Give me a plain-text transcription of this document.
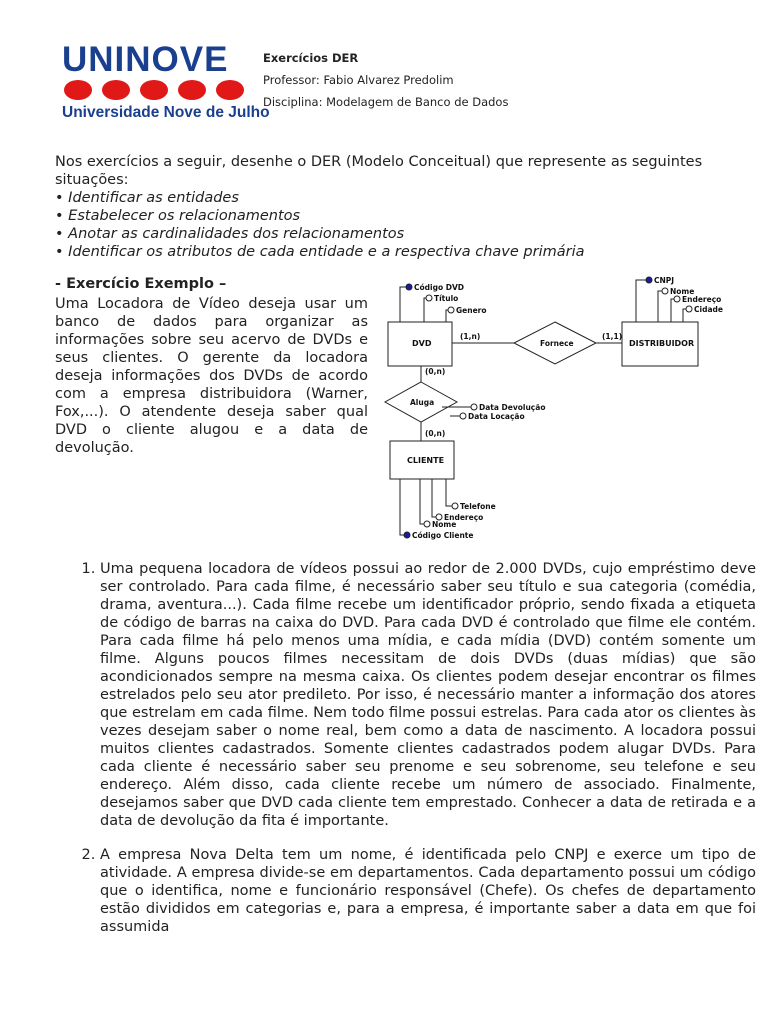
UNINOVE
Universidade Nove de Julho
Exercícios DER
Professor: Fabio Alvarez Predolim
Disciplina: Modelagem de Banco de Dados
Nos exercícios a seguir, desenhe o DER (Modelo Conceitual) que represente as seguintes situações:
• Identificar as entidades
• Estabelecer os relacionamentos
• Anotar as cardinalidades dos relacionamentos
• Identificar os atributos de cada entidade e a respectiva chave primária
- Exercício Exemplo –
Uma Locadora de Vídeo deseja usar um banco de dados para organizar as informações sobre seu acervo de DVDs e seus clientes. O gerente da locadora deseja informações dos DVDs de acordo com a empresa distribuidora (Warner, Fox,...). O atendente deseja saber qual DVD o cliente alugou e a data de devolução.
DVD	DISTRIBUIDOR
CLIENTE
Fornece
Aluga
(1,n)	(1,1)
(0,n)
(0,n)
Código DVD
Título
Genero
CNPJ
Nome
Endereço
Cidade
Data Devolução
Data Locação
Telefone
Endereço
Nome
Código Cliente
1. Uma pequena locadora de vídeos possui ao redor de 2.000 DVDs, cujo empréstimo deve ser controlado. Para cada filme, é necessário saber seu título e sua categoria (comédia, drama, aventura...). Cada filme recebe um identificador próprio, sendo fixada a etiqueta de código de barras na caixa do DVD. Para cada DVD é controlado que filme ele contém. Para cada filme há pelo menos uma mídia, e cada mídia (DVD) contém somente um filme. Alguns poucos filmes necessitam de dois DVDs (duas mídias) que são acondicionados sempre na mesma caixa. Os clientes podem desejar encontrar os filmes estrelados pelo seu ator predileto. Por isso, é necessário manter a informação dos atores que estrelam em cada filme. Nem todo filme possui estrelas. Para cada ator os clientes às vezes desejam saber o nome real, bem como a data de nascimento. A locadora possui muitos clientes cadastrados. Somente clientes cadastrados podem alugar DVDs. Para cada cliente é necessário saber seu prenome e seu sobrenome, seu telefone e seu endereço. Além disso, cada cliente recebe um número de associado. Finalmente, desejamos saber que DVD cada cliente tem emprestado. Conhecer a data de retirada e a data de devolução da fita é importante.
2. A empresa Nova Delta tem um nome, é identificada pelo CNPJ e exerce um tipo de atividade. A empresa divide-se em departamentos. Cada departamento possui um código que o identifica, nome e funcionário responsável (Chefe). Os chefes de departamento estão divididos em categorias e, para a empresa, é importante saber a data em que foi assumida
